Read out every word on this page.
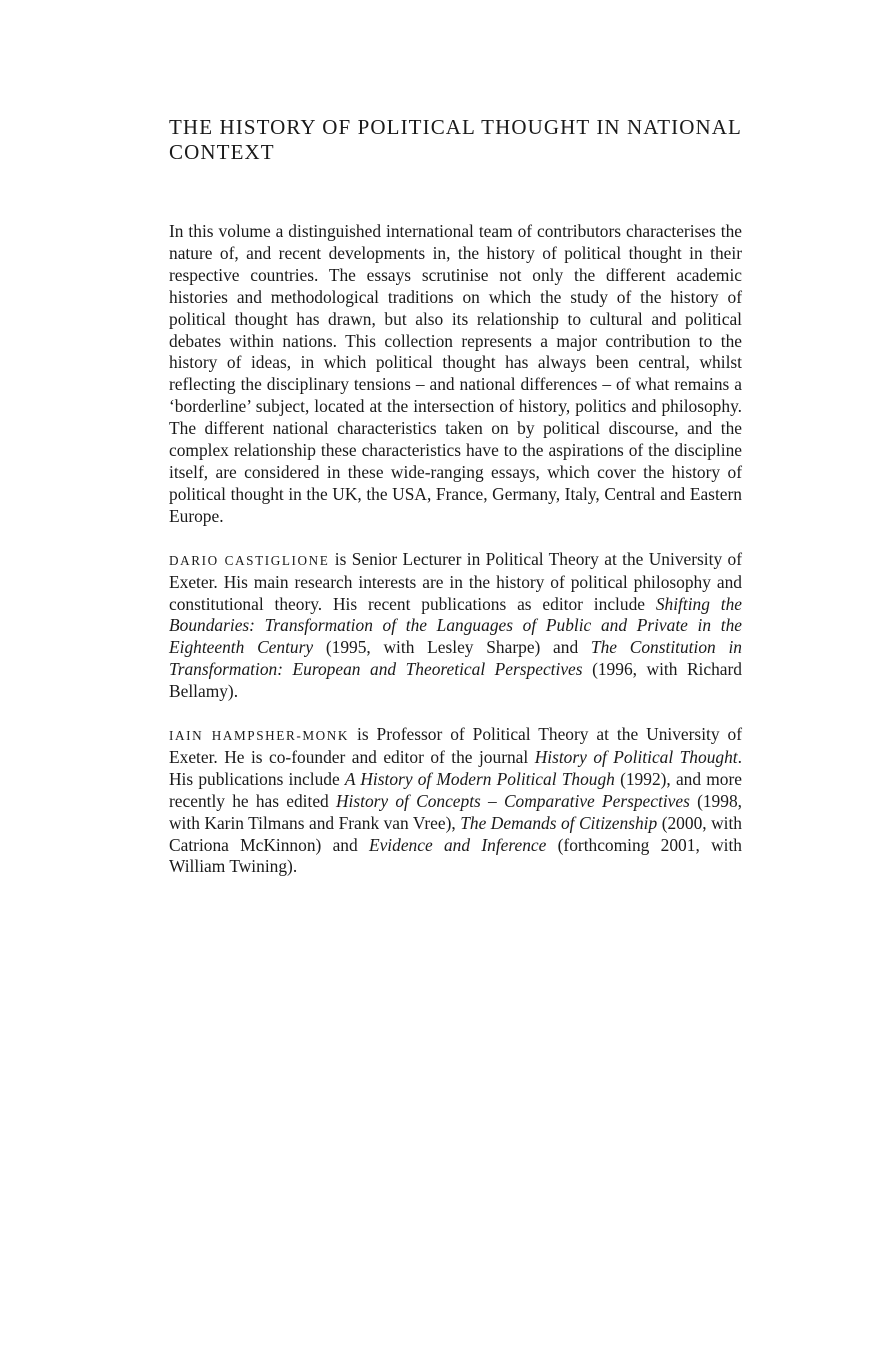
THE HISTORY OF POLITICAL THOUGHT IN NATIONAL CONTEXT

In this volume a distinguished international team of contributors characterises the nature of, and recent developments in, the history of political thought in their respective countries. The essays scrutinise not only the different academic histories and methodological traditions on which the study of the history of political thought has drawn, but also its relationship to cultural and political debates within nations. This collection represents a major contribution to the history of ideas, in which political thought has always been central, whilst reflecting the disciplinary tensions – and national differences – of what remains a ‘borderline’ subject, located at the intersection of history, politics and philosophy. The different national characteristics taken on by political discourse, and the complex relationship these characteristics have to the aspirations of the discipline itself, are considered in these wide-ranging essays, which cover the history of political thought in the UK, the USA, France, Germany, Italy, Central and Eastern Europe.

DARIO CASTIGLIONE is Senior Lecturer in Political Theory at the University of Exeter. His main research interests are in the history of political philosophy and constitutional theory. His recent publications as editor include Shifting the Boundaries: Transformation of the Languages of Public and Private in the Eighteenth Century (1995, with Lesley Sharpe) and The Constitution in Transformation: European and Theoretical Perspectives (1996, with Richard Bellamy).

IAIN HAMPSHER-MONK is Professor of Political Theory at the University of Exeter. He is co-founder and editor of the journal History of Political Thought. His publications include A History of Modern Political Though (1992), and more recently he has edited History of Concepts – Comparative Perspectives (1998, with Karin Tilmans and Frank van Vree), The Demands of Citizenship (2000, with Catriona McKinnon) and Evidence and Inference (forthcoming 2001, with William Twining).
